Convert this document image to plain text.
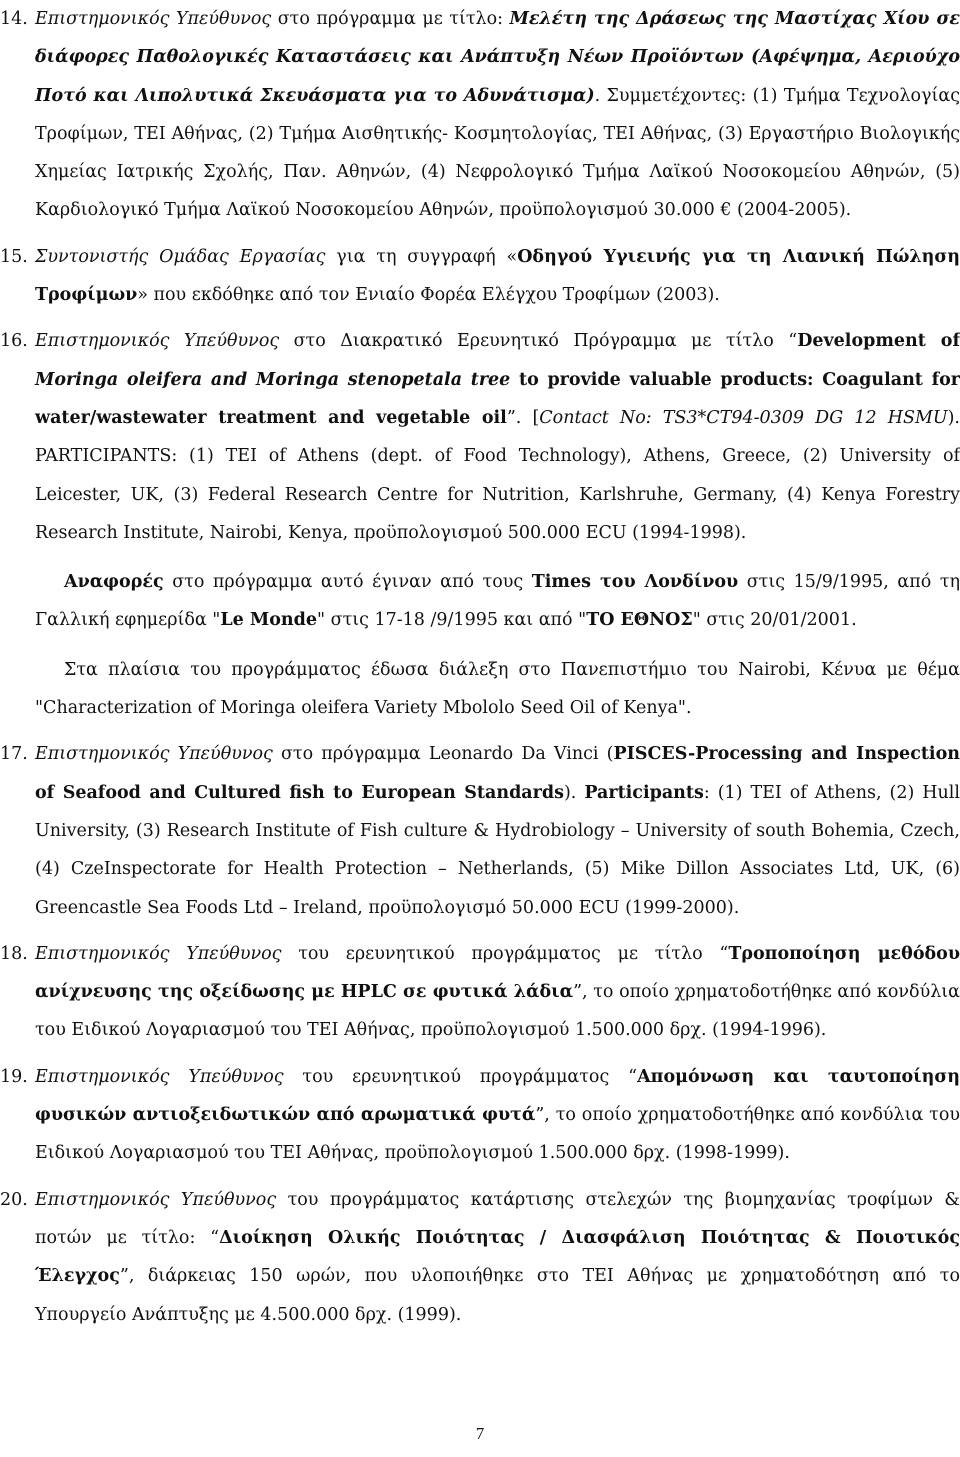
14. Επιστημονικός Υπεύθυνος στο πρόγραμμα με τίτλο: Μελέτη της Δράσεως της Μαστίχας Χίου σε διάφορες Παθολογικές Καταστάσεις και Ανάπτυξη Νέων Προϊόντων (Αφέψημα, Αεριούχο Ποτό και Λιπολυτικά Σκευάσματα για το Αδυνάτισμα). Συμμετέχοντες: (1) Τμήμα Τεχνολογίας Τροφίμων, ΤΕΙ Αθήνας, (2) Τμήμα Αισθητικής- Κοσμητολογίας, ΤΕΙ Αθήνας, (3) Εργαστήριο Βιολογικής Χημείας Ιατρικής Σχολής, Παν. Αθηνών, (4) Νεφρολογικό Τμήμα Λαϊκού Νοσοκομείου Αθηνών, (5) Καρδιολογικό Τμήμα Λαϊκού Νοσοκομείου Αθηνών, προϋπολογισμού 30.000 € (2004-2005).
15. Συντονιστής Ομάδας Εργασίας για τη συγγραφή «Οδηγού Υγιεινής για τη Λιανική Πώληση Τροφίμων» που εκδόθηκε από τον Ενιαίο Φορέα Ελέγχου Τροφίμων (2003).
16. Επιστημονικός Υπεύθυνος στο Διακρατικό Ερευνητικό Πρόγραμμα με τίτλο “Development of Moringa oleifera and Moringa stenopetala tree to provide valuable products: Coagulant for water/wastewater treatment and vegetable oil”. [Contact No: TS3*CT94-0309 DG 12 HSMU). PARTICIPANTS: (1) TEI of Athens (dept. of Food Technology), Athens, Greece, (2) University of Leicester, UK, (3) Federal Research Centre for Nutrition, Karlshruhe, Germany, (4) Kenya Forestry Research Institute, Nairobi, Kenya, προϋπολογισμού 500.000 ECU (1994-1998).
Αναφορές στο πρόγραμμα αυτό έγιναν από τους Times του Λονδίνου στις 15/9/1995, από τη Γαλλική εφημερίδα "Le Monde" στις 17-18 /9/1995 και από "ΤΟ ΕΘΝΟΣ" στις 20/01/2001.
Στα πλαίσια του προγράμματος έδωσα διάλεξη στο Πανεπιστήμιο του Nairobi, Κένυα με θέμα "Characterization of Moringa oleifera Variety Mbololo Seed Oil of Kenya".
17. Επιστημονικός Υπεύθυνος στο πρόγραμμα Leonardo Da Vinci (PISCES-Processing and Inspection of Seafood and Cultured fish to European Standards). Participants: (1) TEI of Athens, (2) Hull University, (3) Research Institute of Fish culture & Hydrobiology – University of south Bohemia, Czech, (4) CzeInspectorate for Health Protection – Netherlands, (5) Mike Dillon Associates Ltd, UK, (6) Greencastle Sea Foods Ltd – Ireland, προϋπολογισμό 50.000 ECU (1999-2000).
18. Επιστημονικός Υπεύθυνος του ερευνητικού προγράμματος με τίτλο “Τροποποίηση μεθόδου ανίχνευσης της οξείδωσης με HPLC σε φυτικά λάδια”, το οποίο χρηματοδοτήθηκε από κονδύλια του Ειδικού Λογαριασμού του ΤΕΙ Αθήνας, προϋπολογισμού 1.500.000 δρχ. (1994-1996).
19. Επιστημονικός Υπεύθυνος του ερευνητικού προγράμματος “Απομόνωση και ταυτοποίηση φυσικών αντιοξειδωτικών από αρωματικά φυτά”, το οποίο χρηματοδοτήθηκε από κονδύλια του Ειδικού Λογαριασμού του ΤΕΙ Αθήνας, προϋπολογισμού 1.500.000 δρχ. (1998-1999).
20. Επιστημονικός Υπεύθυνος του προγράμματος κατάρτισης στελεχών της βιομηχανίας τροφίμων & ποτών με τίτλο: “Διοίκηση Ολικής Ποιότητας / Διασφάλιση Ποιότητας & Ποιοτικός Έλεγχος”, διάρκειας 150 ωρών, που υλοποιήθηκε στο ΤΕΙ Αθήνας με χρηματοδότηση από το Υπουργείο Ανάπτυξης με 4.500.000 δρχ. (1999).
7
